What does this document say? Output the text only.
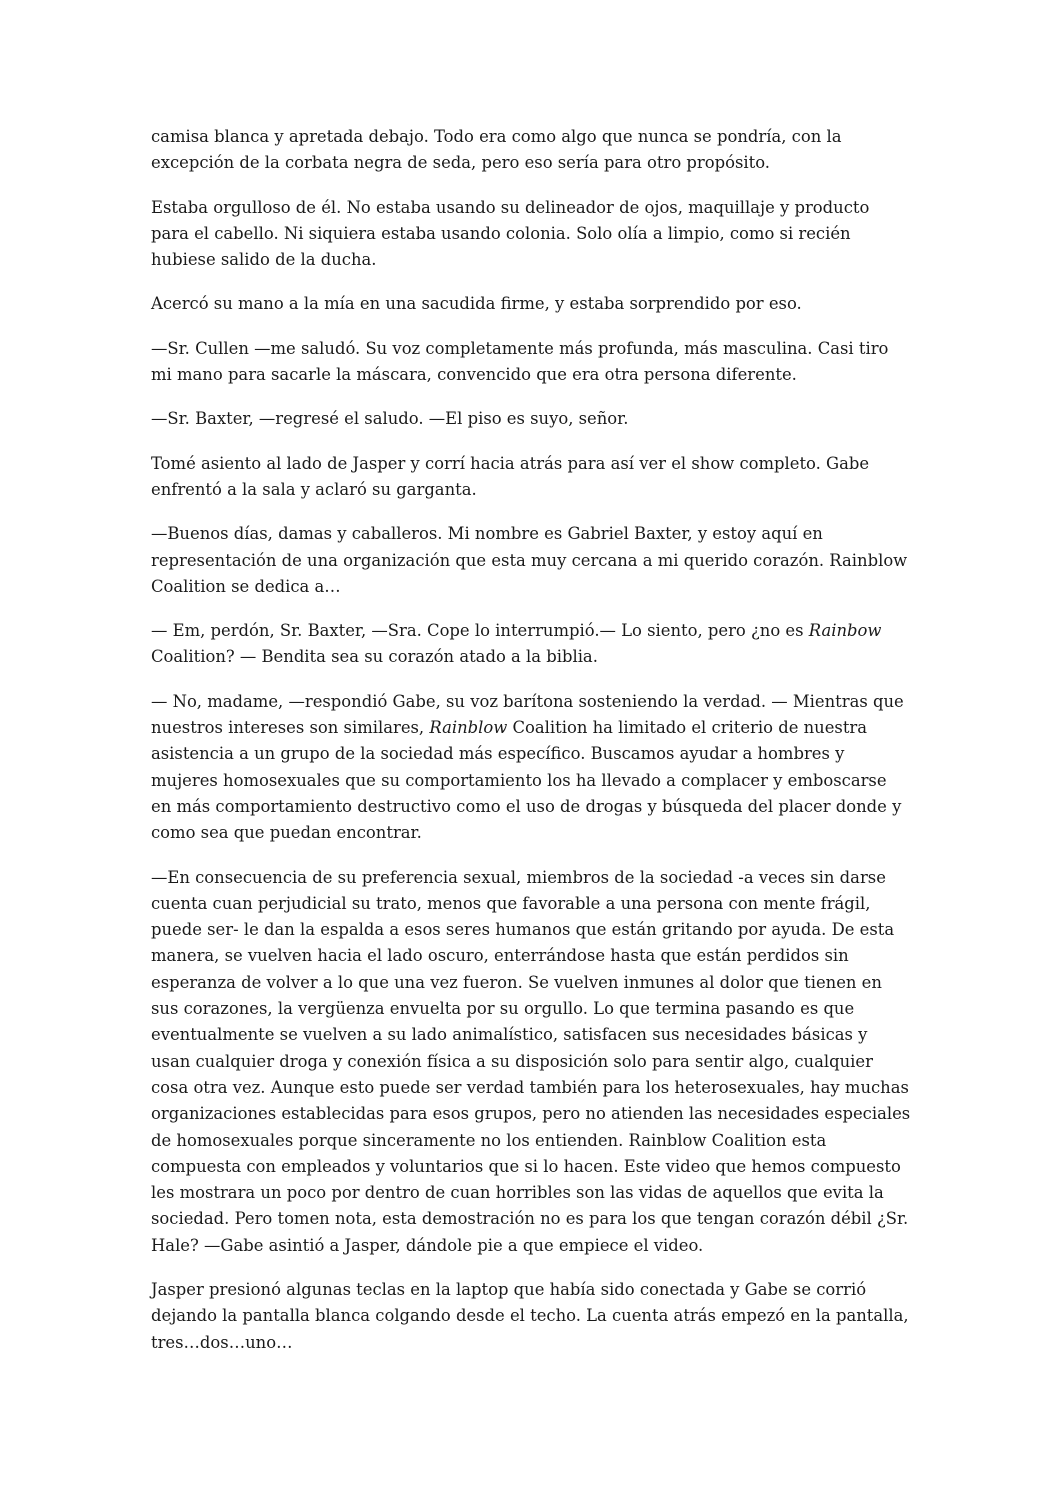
camisa blanca y apretada debajo. Todo era como algo que nunca se pondría, con la excepción de la corbata negra de seda, pero eso sería para otro propósito.

Estaba orgulloso de él. No estaba usando su delineador de ojos, maquillaje y producto para el cabello. Ni siquiera estaba usando colonia. Solo olía a limpio, como si recién hubiese salido de la ducha.

Acercó su mano a la mía en una sacudida firme, y estaba sorprendido por eso.

—Sr. Cullen —me saludó. Su voz completamente más profunda, más masculina. Casi tiro mi mano para sacarle la máscara, convencido que era otra persona diferente.

—Sr. Baxter, —regresé el saludo. —El piso es suyo, señor.

Tomé asiento al lado de Jasper y corrí hacia atrás para así ver el show completo. Gabe enfrentó a la sala y aclaró su garganta.

—Buenos días, damas y caballeros. Mi nombre es Gabriel Baxter, y estoy aquí en representación de una organización que esta muy cercana a mi querido corazón. Rainblow Coalition se dedica a…

— Em, perdón, Sr. Baxter, —Sra. Cope lo interrumpió.— Lo siento, pero ¿no es Rainbow Coalition? — Bendita sea su corazón atado a la biblia.

— No, madame, —respondió Gabe, su voz barítona sosteniendo la verdad. — Mientras que nuestros intereses son similares, Rainblow Coalition ha limitado el criterio de nuestra asistencia a un grupo de la sociedad más específico. Buscamos ayudar a hombres y mujeres homosexuales que su comportamiento los ha llevado a complacer y emboscarse en más comportamiento destructivo como el uso de drogas y búsqueda del placer donde y como sea que puedan encontrar.

—En consecuencia de su preferencia sexual, miembros de la sociedad -a veces sin darse cuenta cuan perjudicial su trato, menos que favorable a una persona con mente frágil, puede ser- le dan la espalda a esos seres humanos que están gritando por ayuda. De esta manera, se vuelven hacia el lado oscuro, enterrándose hasta que están perdidos sin esperanza de volver a lo que una vez fueron. Se vuelven inmunes al dolor que tienen en sus corazones, la vergüenza envuelta por su orgullo. Lo que termina pasando es que eventualmente se vuelven a su lado animalístico, satisfacen sus necesidades básicas y usan cualquier droga y conexión física a su disposición solo para sentir algo, cualquier cosa otra vez. Aunque esto puede ser verdad también para los heterosexuales, hay muchas organizaciones establecidas para esos grupos, pero no atienden las necesidades especiales de homosexuales porque sinceramente no los entienden. Rainblow Coalition esta compuesta con empleados y voluntarios que si lo hacen. Este video que hemos compuesto les mostrara un poco por dentro de cuan horribles son las vidas de aquellos que evita la sociedad. Pero tomen nota, esta demostración no es para los que tengan corazón débil ¿Sr. Hale? —Gabe asintió a Jasper, dándole pie a que empiece el video.

Jasper presionó algunas teclas en la laptop que había sido conectada y Gabe se corrió dejando la pantalla blanca colgando desde el techo. La cuenta atrás empezó en la pantalla, tres…dos…uno…
